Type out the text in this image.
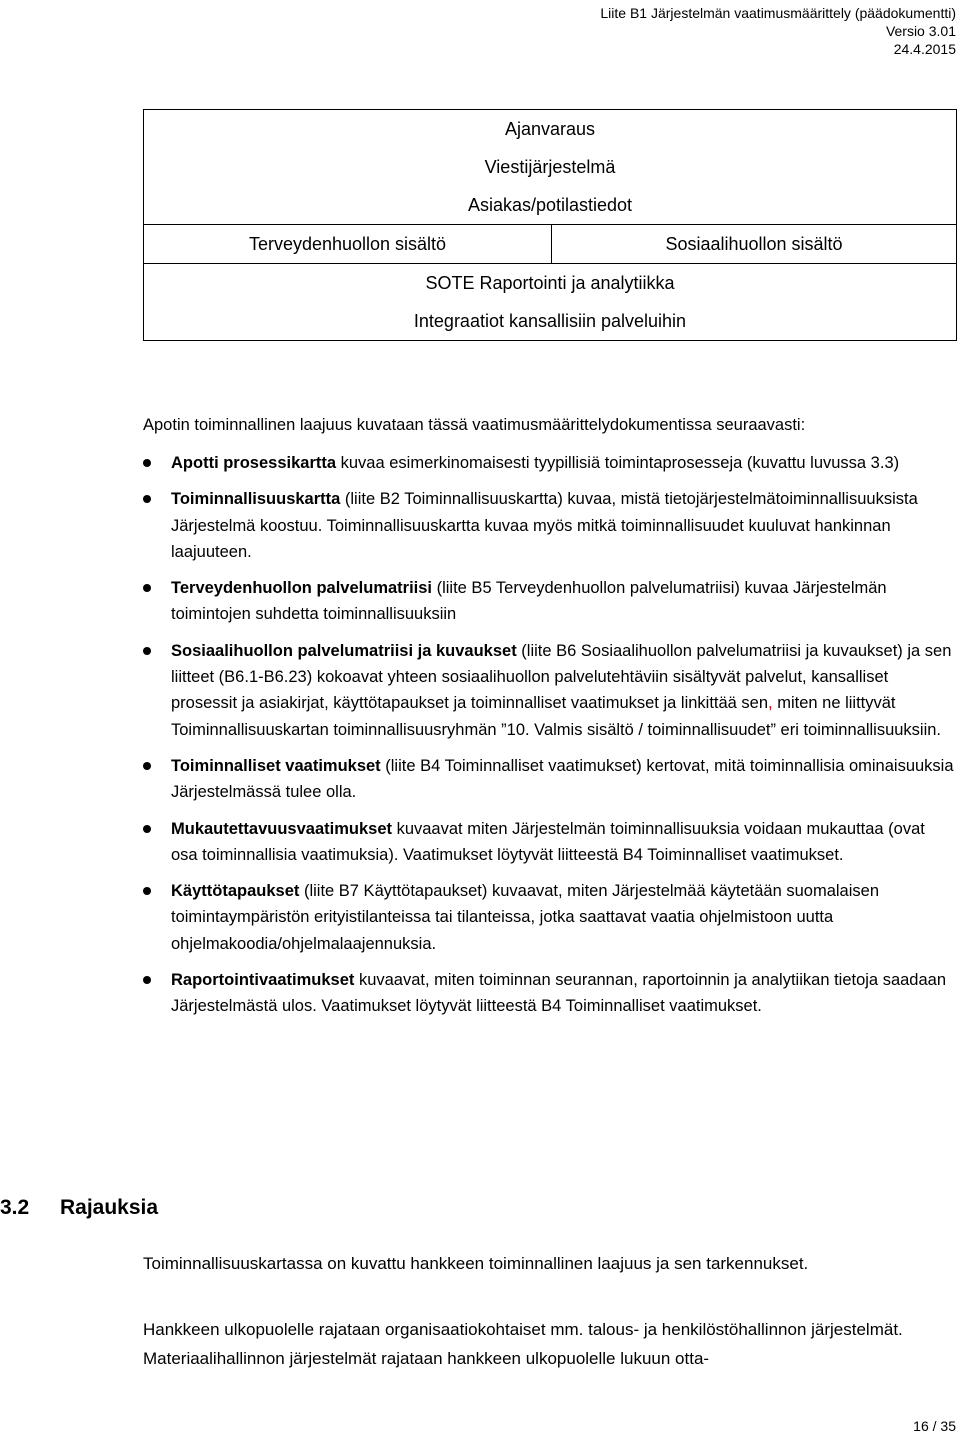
Liite B1 Järjestelmän vaatimusmäärittely (päädokumentti)
Versio 3.01
24.4.2015
Ajanvaraus
Viestijärjestelmä
Asiakas/potilastiedot
Terveydenhuollon sisältö	Sosiaalihuollon sisältö
SOTE Raportointi ja analytiikka
Integraatiot kansallisiin palveluihin
Apotin toiminnallinen laajuus kuvataan tässä vaatimusmäärittelydokumentissa seuraavasti:
Apotti prosessikartta kuvaa esimerkinomaisesti tyypillisiä toimintaprosesseja (kuvattu luvussa 3.3)
Toiminnallisuuskartta (liite B2 Toiminnallisuuskartta) kuvaa, mistä tietojärjestelmätoiminnallisuuksista Järjestelmä koostuu. Toiminnallisuuskartta kuvaa myös mitkä toiminnallisuudet kuuluvat hankinnan laajuuteen.
Terveydenhuollon palvelumatriisi (liite B5 Terveydenhuollon palvelumatriisi) kuvaa Järjestelmän toimintojen suhdetta toiminnallisuuksiin
Sosiaalihuollon palvelumatriisi ja kuvaukset (liite B6 Sosiaalihuollon palvelumatriisi ja kuvaukset) ja sen liitteet (B6.1-B6.23) kokoavat yhteen sosiaalihuollon palvelutehtäviin sisältyvät palvelut, kansalliset prosessit ja asiakirjat, käyttötapaukset ja toiminnalliset vaatimukset ja linkittää sen, miten ne liittyvät Toiminnallisuuskartan toiminnallisuusryhmän ”10. Valmis sisältö / toiminnallisuudet” eri toiminnallisuuksiin.
Toiminnalliset vaatimukset (liite B4 Toiminnalliset vaatimukset) kertovat, mitä toiminnallisia ominaisuuksia Järjestelmässä tulee olla.
Mukautettavuusvaatimukset kuvaavat miten Järjestelmän toiminnallisuuksia voidaan mukauttaa (ovat osa toiminnallisia vaatimuksia). Vaatimukset löytyvät liitteestä B4 Toiminnalliset vaatimukset.
Käyttötapaukset (liite B7 Käyttötapaukset) kuvaavat, miten Järjestelmää käytetään suomalaisen toimintaympäristön erityistilanteissa tai tilanteissa, jotka saattavat vaatia ohjelmistoon uutta ohjelmakoodia/ohjelmalaajennuksia.
Raportointivaatimukset kuvaavat, miten toiminnan seurannan, raportoinnin ja analytiikan tietoja saadaan Järjestelmästä ulos. Vaatimukset löytyvät liitteestä B4 Toiminnalliset vaatimukset.
3.2 Rajauksia
Toiminnallisuuskartassa on kuvattu hankkeen toiminnallinen laajuus ja sen tarkennukset.
Hankkeen ulkopuolelle rajataan organisaatiokohtaiset mm. talous- ja henkilöstöhallinnon järjestelmät. Materiaalihallinnon järjestelmät rajataan hankkeen ulkopuolelle lukuun otta-
16 / 35
